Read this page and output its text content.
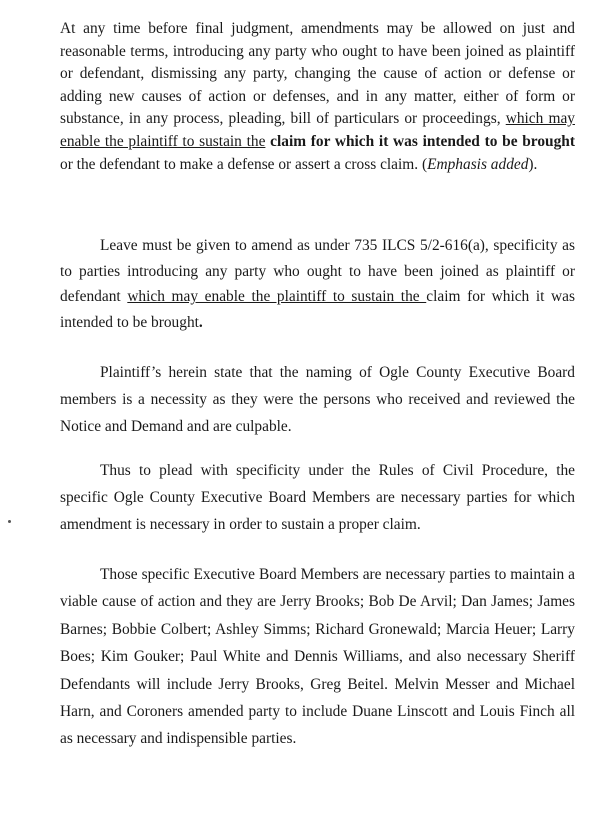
At any time before final judgment, amendments may be allowed on just and reasonable terms, introducing any party who ought to have been joined as plaintiff or defendant, dismissing any party, changing the cause of action or defense or adding new causes of action or defenses, and in any matter, either of form or substance, in any process, pleading, bill of particulars or proceedings, which may enable the plaintiff to sustain the claim for which it was intended to be brought or the defendant to make a defense or assert a cross claim. (Emphasis added).

Leave must be given to amend as under 735 ILCS 5/2-616(a), specificity as to parties introducing any party who ought to have been joined as plaintiff or defendant which may enable the plaintiff to sustain the claim for which it was intended to be brought.

Plaintiff’s herein state that the naming of Ogle County Executive Board members is a necessity as they were the persons who received and reviewed the Notice and Demand and are culpable.

Thus to plead with specificity under the Rules of Civil Procedure, the specific Ogle County Executive Board Members are necessary parties for which amendment is necessary in order to sustain a proper claim.

Those specific Executive Board Members are necessary parties to maintain a viable cause of action and they are Jerry Brooks; Bob De Arvil; Dan James; James Barnes; Bobbie Colbert; Ashley Simms; Richard Gronewald; Marcia Heuer; Larry Boes; Kim Gouker; Paul White and Dennis Williams, and also necessary Sheriff Defendants will include Jerry Brooks, Greg Beitel. Melvin Messer and Michael Harn, and Coroners amended party to include Duane Linscott and Louis Finch all as necessary and indispensible parties.
